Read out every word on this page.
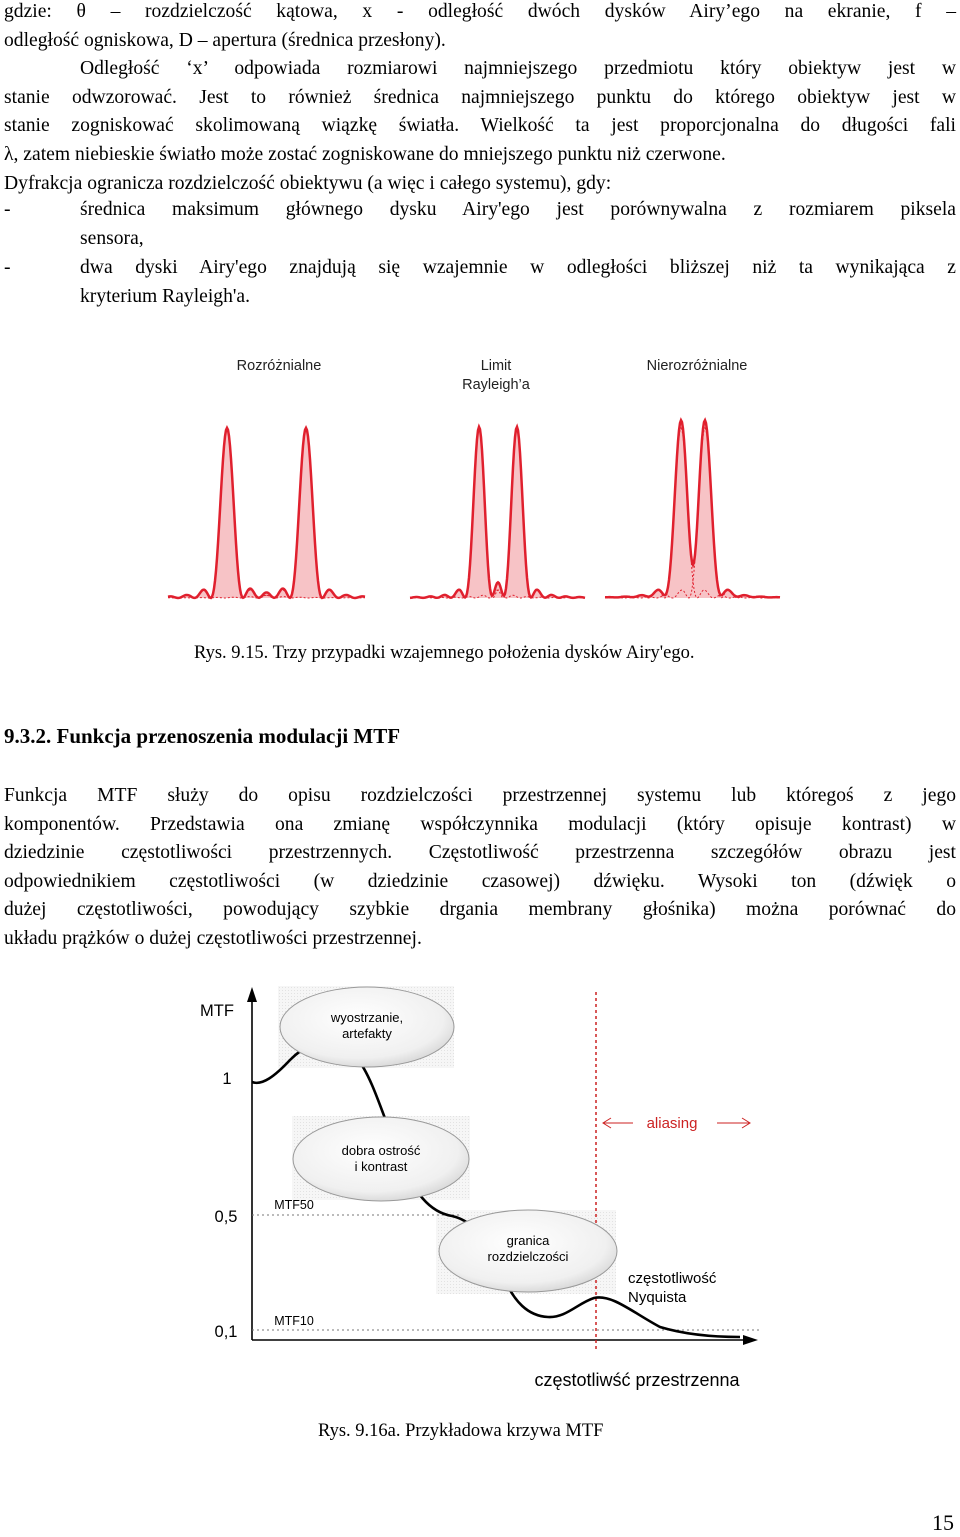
gdzie: θ – rozdzielczość kątowa, x - odległość dwóch dysków Airy’ego na ekranie, f –
odległość ogniskowa, D – apertura (średnica przesłony).
Odległość ‘x’ odpowiada rozmiarowi najmniejszego przedmiotu który obiektyw jest w
stanie odwzorować. Jest to również średnica najmniejszego punktu do którego obiektyw jest w
stanie zogniskować skolimowaną wiązkę światła. Wielkość ta jest proporcjonalna do długości fali
λ, zatem niebieskie światło może zostać zogniskowane do mniejszego punktu niż czerwone.
Dyfrakcja ogranicza rozdzielczość obiektywu (a więc i całego systemu), gdy:
-	średnica maksimum głównego dysku Airy'ego jest porównywalna z rozmiarem piksela
sensora,
-	dwa dyski Airy'ego znajdują się wzajemnie w odległości bliższej niż ta wynikająca z
kryterium Rayleigh'a.
Rozróżnialne	Limit
Rayleigh’a
Nierozróżnialne
Rys. 9.15. Trzy przypadki wzajemnego położenia dysków Airy'ego.
9.3.2. Funkcja przenoszenia modulacji MTF
Funkcja MTF służy do opisu rozdzielczości przestrzennej systemu lub któregoś z jego
komponentów. Przedstawia ona zmianę współczynnika modulacji (który opisuje kontrast) w
dziedzinie częstotliwości przestrzennych. Częstotliwość przestrzenna szczegółów obrazu jest
odpowiednikiem częstotliwości (w dziedzinie czasowej) dźwięku. Wysoki ton (dźwięk o
dużej częstotliwości, powodujący szybkie drgania membrany głośnika) można porównać do
układu prążków o dużej częstotliwości przestrzennej.
MTF
1
0,5
0,1
MTF50
MTF10
wyostrzanie,
artefakty
dobra ostrość
i kontrast
granica
rozdzielczości
aliasing
częstotliwość
Nyquista
częstotliwść przestrzenna
Rys. 9.16a. Przykładowa krzywa MTF
15
